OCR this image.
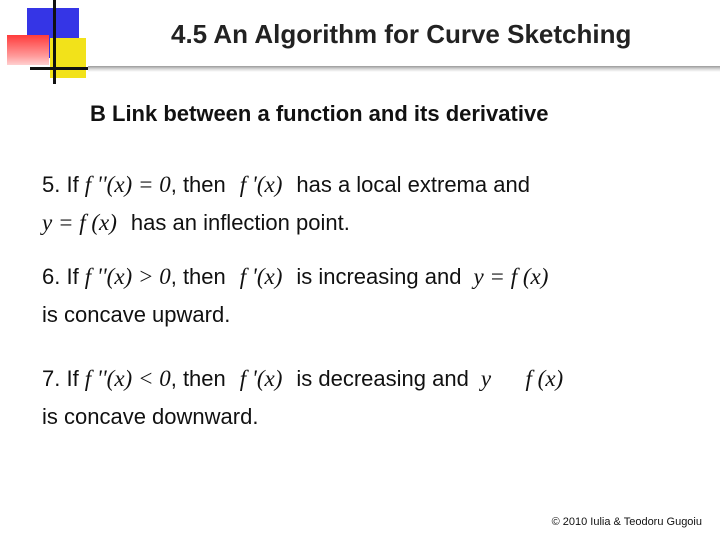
4.5 An Algorithm for Curve Sketching
B Link between a function and its derivative
5. If f ''(x) = 0 , then f '(x) has a local extrema and
y = f (x) has an inflection point.
6. If f ''(x) > 0 , then f '(x) is increasing and y = f (x)
is concave upward.
7. If f ''(x) < 0 , then f '(x) is decreasing and y      f (x)
is concave downward.
© 2010 Iulia & Teodoru Gugoiu
